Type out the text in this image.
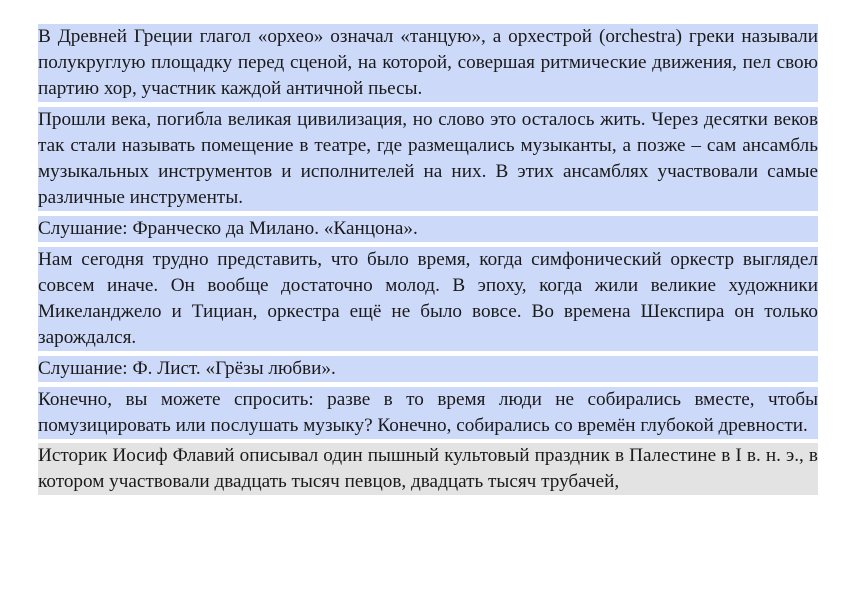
В Древней Греции глагол «орхео» означал «танцую», а орхестрой (orchestra) греки называли полукруглую площадку перед сценой, на которой, совершая ритмические движения, пел свою партию хор, участник каждой античной пьесы.

Прошли века, погибла великая цивилизация, но слово это осталось жить. Через десятки веков так стали называть помещение в театре, где размещались музыканты, а позже – сам ансамбль музыкальных инструментов и исполнителей на них. В этих ансамблях участвовали самые различные инструменты.

Слушание: Франческо да Милано. «Канцона».

Нам сегодня трудно представить, что было время, когда симфонический оркестр выглядел совсем иначе. Он вообще достаточно молод. В эпоху, когда жили великие художники Микеланджело и Тициан, оркестра ещё не было вовсе. Во времена Шекспира он только зарождался.

Слушание: Ф. Лист. «Грёзы любви».

Конечно, вы можете спросить: разве в то время люди не собирались вместе, чтобы помузицировать или послушать музыку? Конечно, собирались со времён глубокой древности.

Историк Иосиф Флавий описывал один пышный культовый праздник в Палестине в I в. н. э., в котором участвовали двадцать тысяч певцов, двадцать тысяч трубачей,
